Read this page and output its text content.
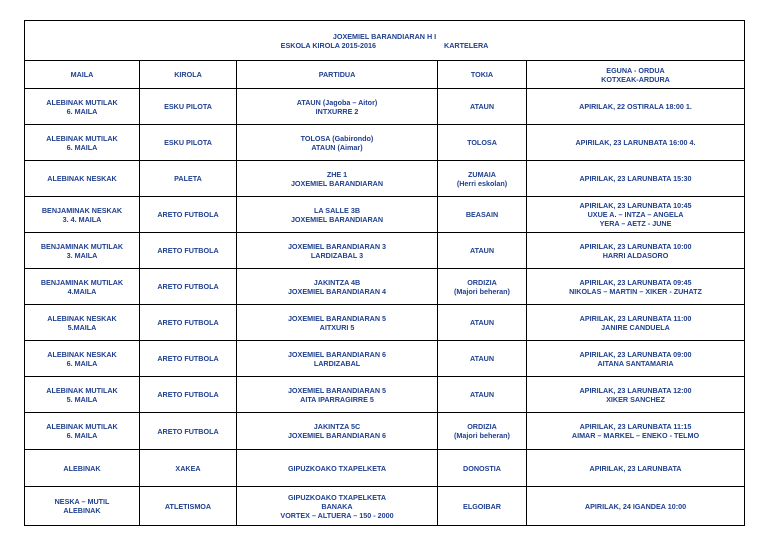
JOXEMIEL BARANDIARAN H I
ESKOLA KIROLA 2015-2016 KARTELERA				

MAILA	KIROLA	PARTIDUA	TOKIA	EGUNA - ORDUA
KOTXEAK-ARDURA

ALEBINAK MUTILAK
6. MAILA	ESKU PILOTA	ATAUN (Jagoba – Aitor)
INTXURRE 2	ATAUN	APIRILAK, 22 OSTIRALA 18:00 1.

ALEBINAK MUTILAK
6. MAILA	ESKU PILOTA	TOLOSA (Gabirondo)
ATAUN (Aimar)	TOLOSA	APIRILAK, 23 LARUNBATA 16:00 4.

ALEBINAK NESKAK	PALETA	ZHE 1
JOXEMIEL BARANDIARAN	ZUMAIA
(Herri eskolan)	APIRILAK, 23 LARUNBATA 15:30

BENJAMINAK NESKAK
3. 4. MAILA	ARETO FUTBOLA	LA SALLE 3B
JOXEMIEL BARANDIARAN	BEASAIN	APIRILAK, 23 LARUNBATA 10:45
UXUE A. – INTZA – ANGELA
YERA – AETZ - JUNE

BENJAMINAK MUTILAK
3. MAILA	ARETO FUTBOLA	JOXEMIEL BARANDIARAN 3
LARDIZABAL 3	ATAUN	APIRILAK, 23 LARUNBATA 10:00
HARRI ALDASORO

BENJAMINAK MUTILAK
4.MAILA	ARETO FUTBOLA	JAKINTZA 4B
JOXEMIEL BARANDIARAN 4	ORDIZIA
(Majori beheran)	APIRILAK, 23 LARUNBATA 09:45
NIKOLAS – MARTIN – XIKER - ZUHATZ

ALEBINAK NESKAK
5.MAILA	ARETO FUTBOLA	JOXEMIEL BARANDIARAN 5
AITXURI 5	ATAUN	APIRILAK, 23 LARUNBATA 11:00
JANIRE CANDUELA

ALEBINAK NESKAK
6. MAILA	ARETO FUTBOLA	JOXEMIEL BARANDIARAN 6
LARDIZABAL	ATAUN	APIRILAK, 23 LARUNBATA 09:00
AITANA SANTAMARIA

ALEBINAK MUTILAK
5. MAILA	ARETO FUTBOLA	JOXEMIEL BARANDIARAN 5
AITA IPARRAGIRRE 5	ATAUN	APIRILAK, 23 LARUNBATA 12:00
XIKER SANCHEZ

ALEBINAK MUTILAK
6. MAILA	ARETO FUTBOLA	JAKINTZA 5C
JOXEMIEL BARANDIARAN 6	ORDIZIA
(Majori beheran)	APIRILAK, 23 LARUNBATA 11:15
AIMAR – MARKEL – ENEKO - TELMO

ALEBINAK	XAKEA	GIPUZKOAKO TXAPELKETA	DONOSTIA	APIRILAK, 23 LARUNBATA

NESKA – MUTIL
ALEBINAK	ATLETISMOA	GIPUZKOAKO TXAPELKETA
BANAKA
VORTEX – ALTUERA – 150 - 2000	ELGOIBAR	APIRILAK, 24 IGANDEA 10:00
